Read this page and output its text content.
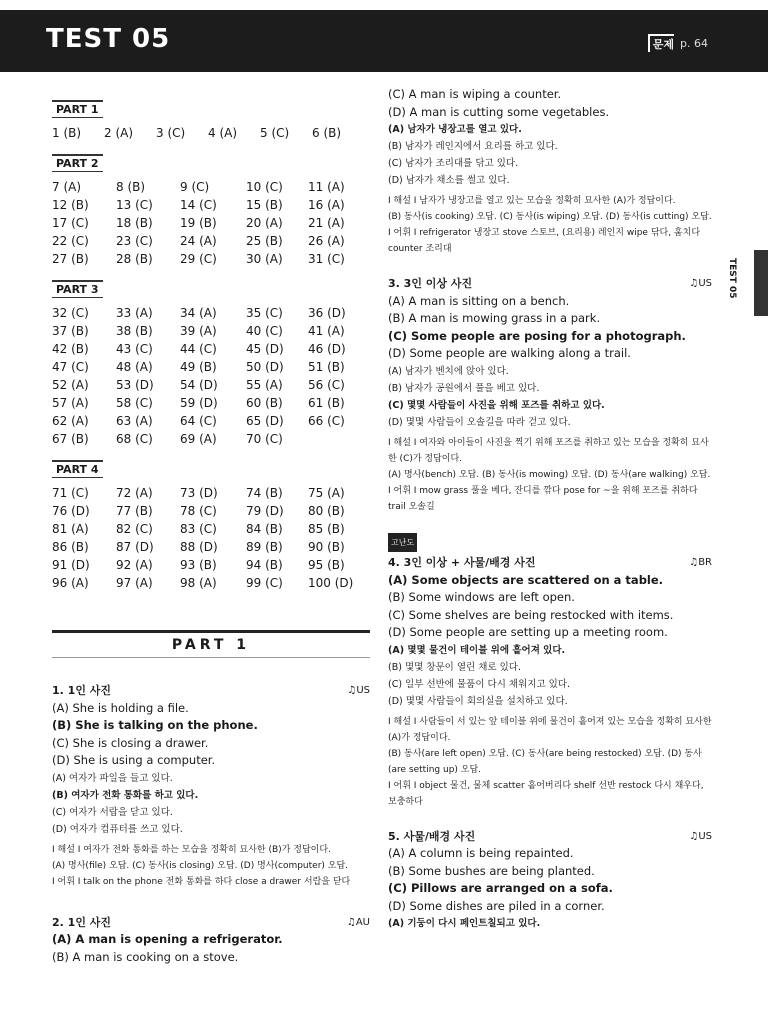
TEST 05	문제 p. 64
TEST 05
PART 1
1 (B)	2 (A)	3 (C)	4 (A)	5 (C)	6 (B)
PART 2
7 (A)	8 (B)	9 (C)	10 (C)	11 (A)
12 (B)	13 (C)	14 (C)	15 (B)	16 (A)
17 (C)	18 (B)	19 (B)	20 (A)	21 (A)
22 (C)	23 (C)	24 (A)	25 (B)	26 (A)
27 (B)	28 (B)	29 (C)	30 (A)	31 (C)
PART 3
32 (C)	33 (A)	34 (A)	35 (C)	36 (D)
37 (B)	38 (B)	39 (A)	40 (C)	41 (A)
42 (B)	43 (C)	44 (C)	45 (D)	46 (D)
47 (C)	48 (A)	49 (B)	50 (D)	51 (B)
52 (A)	53 (D)	54 (D)	55 (A)	56 (C)
57 (A)	58 (C)	59 (D)	60 (B)	61 (B)
62 (A)	63 (A)	64 (C)	65 (D)	66 (C)
67 (B)	68 (C)	69 (A)	70 (C)
PART 4
71 (C)	72 (A)	73 (D)	74 (B)	75 (A)
76 (D)	77 (B)	78 (C)	79 (D)	80 (B)
81 (A)	82 (C)	83 (C)	84 (B)	85 (B)
86 (B)	87 (D)	88 (D)	89 (B)	90 (B)
91 (D)	92 (A)	93 (B)	94 (B)	95 (B)
96 (A)	97 (A)	98 (A)	99 (C)	100 (D)
PART 1
1. 1인 사진	♫US
(A) She is holding a file.
(B) She is talking on the phone.
(C) She is closing a drawer.
(D) She is using a computer.
(A) 여자가 파일을 들고 있다.
(B) 여자가 전화 통화를 하고 있다.
(C) 여자가 서랍을 닫고 있다.
(D) 여자가 컴퓨터를 쓰고 있다.
I 해설 I 여자가 전화 통화를 하는 모습을 정확히 묘사한 (B)가 정답이다.
(A) 명사(file) 오답. (C) 동사(is closing) 오답. (D) 명사(computer) 오답.
I 어휘 I talk on the phone 전화 통화를 하다 close a drawer 서랍을 닫다
2. 1인 사진	♫AU
(A) A man is opening a refrigerator.
(B) A man is cooking on a stove.
(C) A man is wiping a counter.
(D) A man is cutting some vegetables.
(A) 남자가 냉장고를 열고 있다.
(B) 남자가 레인지에서 요리를 하고 있다.
(C) 남자가 조리대를 닦고 있다.
(D) 남자가 채소를 썰고 있다.
I 해설 I 남자가 냉장고를 열고 있는 모습을 정확히 묘사한 (A)가 정답이다.
(B) 동사(is cooking) 오답. (C) 동사(is wiping) 오답. (D) 동사(is cutting) 오답.
I 어휘 I refrigerator 냉장고 stove 스토브, (요리용) 레인지 wipe 닦다, 훔치다 counter 조리대
3. 3인 이상 사진	♫US
(A) A man is sitting on a bench.
(B) A man is mowing grass in a park.
(C) Some people are posing for a photograph.
(D) Some people are walking along a trail.
(A) 남자가 벤치에 앉아 있다.
(B) 남자가 공원에서 풀을 베고 있다.
(C) 몇몇 사람들이 사진을 위해 포즈를 취하고 있다.
(D) 몇몇 사람들이 오솔길을 따라 걷고 있다.
I 해설 I 여자와 아이들이 사진을 찍기 위해 포즈를 취하고 있는 모습을 정확히 묘사한 (C)가 정답이다.
(A) 명사(bench) 오답. (B) 동사(is mowing) 오답. (D) 동사(are walking) 오답.
I 어휘 I mow grass 풀을 베다, 잔디를 깎다 pose for ~을 위해 포즈를 취하다 trail 오솔길
고난도
4. 3인 이상 + 사물/배경 사진	♫BR
(A) Some objects are scattered on a table.
(B) Some windows are left open.
(C) Some shelves are being restocked with items.
(D) Some people are setting up a meeting room.
(A) 몇몇 물건이 테이블 위에 흩어져 있다.
(B) 몇몇 창문이 열린 채로 있다.
(C) 일부 선반에 물품이 다시 채워지고 있다.
(D) 몇몇 사람들이 회의실을 설치하고 있다.
I 해설 I 사람들이 서 있는 앞 테이블 위에 물건이 흩어져 있는 모습을 정확히 묘사한 (A)가 정답이다.
(B) 동사(are left open) 오답. (C) 동사(are being restocked) 오답. (D) 동사(are setting up) 오답.
I 어휘 I object 물건, 물체 scatter 흩어버리다 shelf 선반 restock 다시 채우다, 보충하다
5. 사물/배경 사진	♫US
(A) A column is being repainted.
(B) Some bushes are being planted.
(C) Pillows are arranged on a sofa.
(D) Some dishes are piled in a corner.
(A) 기둥이 다시 페인트칠되고 있다.
